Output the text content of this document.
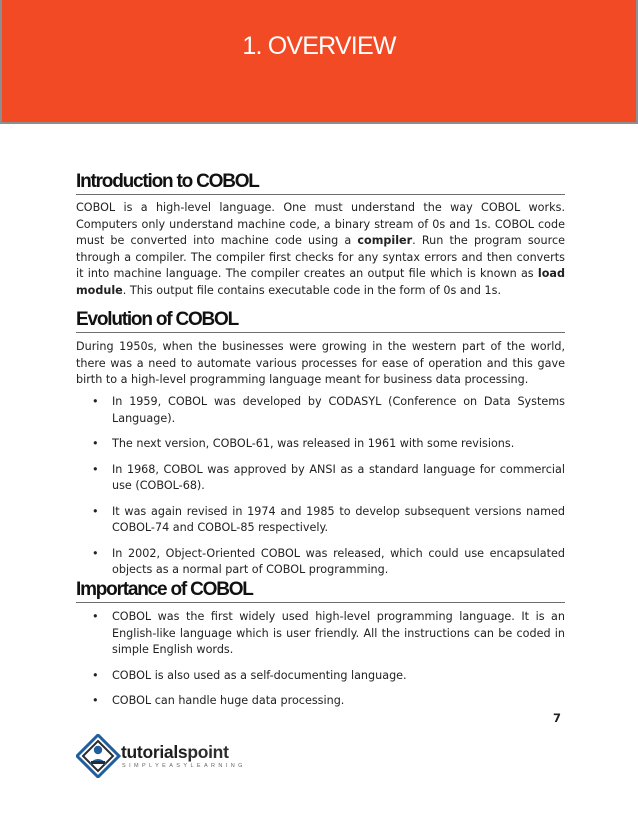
1. OVERVIEW
Introduction to COBOL

COBOL is a high-level language. One must understand the way COBOL works. Computers only understand machine code, a binary stream of 0s and 1s. COBOL code must be converted into machine code using a compiler. Run the program source through a compiler. The compiler first checks for any syntax errors and then converts it into machine language. The compiler creates an output file which is known as load module. This output file contains executable code in the form of 0s and 1s.

Evolution of COBOL

During 1950s, when the businesses were growing in the western part of the world, there was a need to automate various processes for ease of operation and this gave birth to a high-level programming language meant for business data processing.

• In 1959, COBOL was developed by CODASYL (Conference on Data Systems Language).
• The next version, COBOL-61, was released in 1961 with some revisions.
• In 1968, COBOL was approved by ANSI as a standard language for commercial use (COBOL-68).
• It was again revised in 1974 and 1985 to develop subsequent versions named COBOL-74 and COBOL-85 respectively.
• In 2002, Object-Oriented COBOL was released, which could use encapsulated objects as a normal part of COBOL programming.
Importance of COBOL
• COBOL was the first widely used high-level programming language. It is an English-like language which is user friendly. All the instructions can be coded in simple English words.
• COBOL is also used as a self-documenting language.
• COBOL can handle huge data processing.
7
tutorialspoint
SIMPLYEASYLEARNING
